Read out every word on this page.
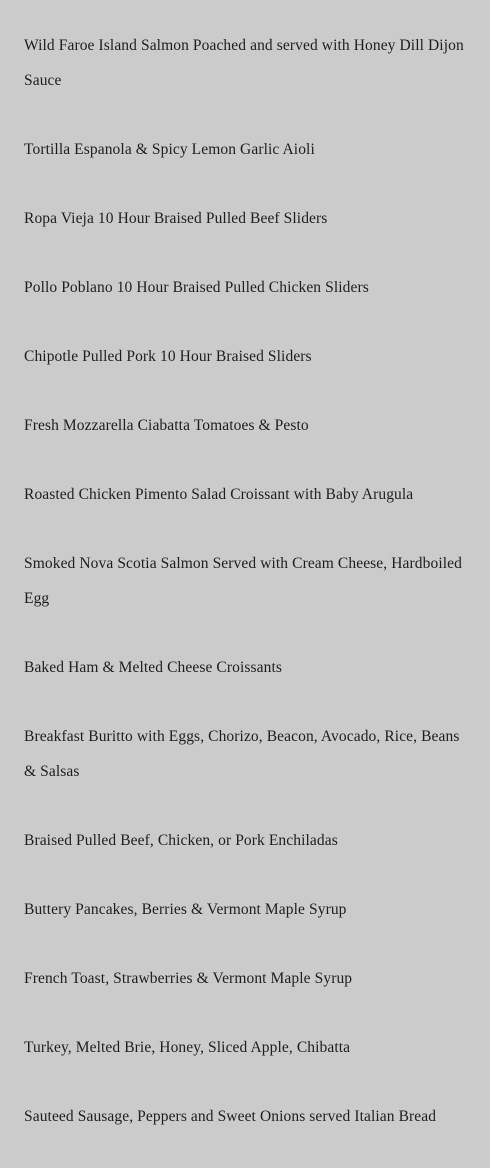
Wild Faroe Island Salmon Poached and served with Honey Dill Dijon Sauce
Tortilla Espanola & Spicy Lemon Garlic Aioli
Ropa Vieja 10 Hour Braised Pulled Beef Sliders
Pollo Poblano 10 Hour Braised Pulled Chicken Sliders
Chipotle Pulled Pork 10 Hour Braised Sliders
Fresh Mozzarella Ciabatta Tomatoes & Pesto
Roasted Chicken Pimento Salad Croissant with Baby Arugula
Smoked Nova Scotia Salmon Served with Cream Cheese, Hardboiled Egg
Baked Ham & Melted Cheese Croissants
Breakfast Buritto with Eggs, Chorizo, Beacon, Avocado, Rice, Beans & Salsas
Braised Pulled Beef, Chicken, or Pork Enchiladas
Buttery Pancakes, Berries & Vermont Maple Syrup
French Toast, Strawberries & Vermont Maple Syrup
Turkey, Melted Brie, Honey, Sliced Apple, Chibatta
Sauteed Sausage, Peppers and Sweet Onions served Italian Bread
